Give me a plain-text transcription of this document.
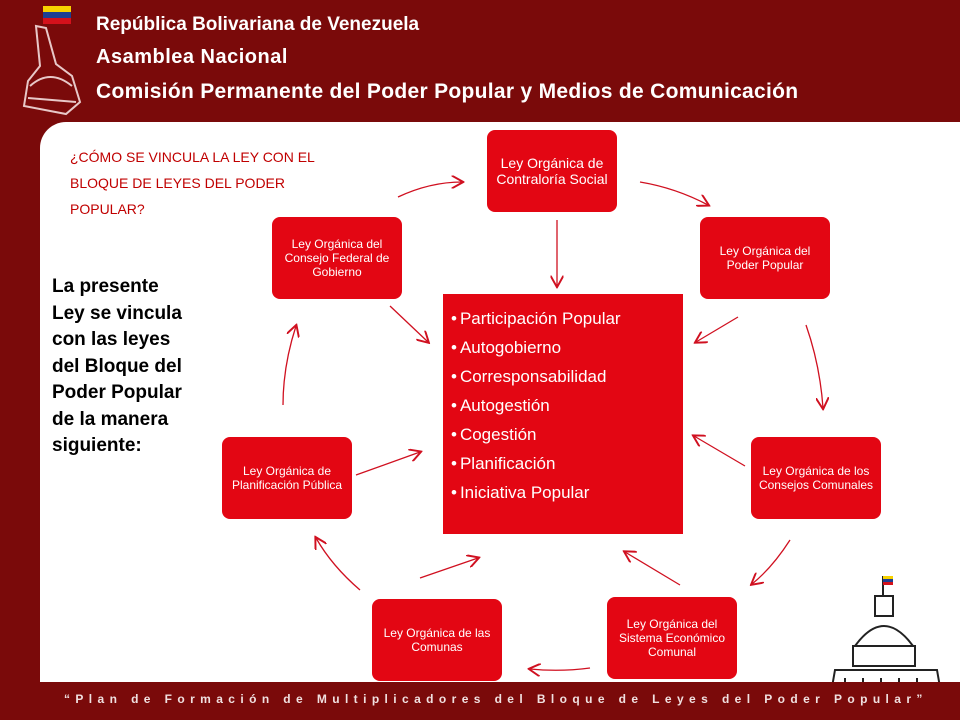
República Bolivariana de Venezuela
Asamblea Nacional
Comisión Permanente del Poder Popular y Medios de Comunicación
¿CÓMO SE VINCULA LA LEY CON EL BLOQUE DE LEYES DEL PODER POPULAR?
La presente Ley se vincula con las leyes del Bloque del Poder Popular de la manera siguiente:
Ley Orgánica de Contraloría Social
Ley Orgánica del Poder Popular
Ley Orgánica de los Consejos Comunales
Ley Orgánica del Sistema Económico Comunal
Ley Orgánica de las Comunas
Ley Orgánica de Planificación Pública
Ley Orgánica del Consejo Federal de Gobierno
• Participación Popular
• Autogobierno
• Corresponsabilidad
• Autogestión
• Cogestión
• Planificación
• Iniciativa Popular
“Plan de Formación de Multiplicadores del Bloque de Leyes del Poder Popular”
